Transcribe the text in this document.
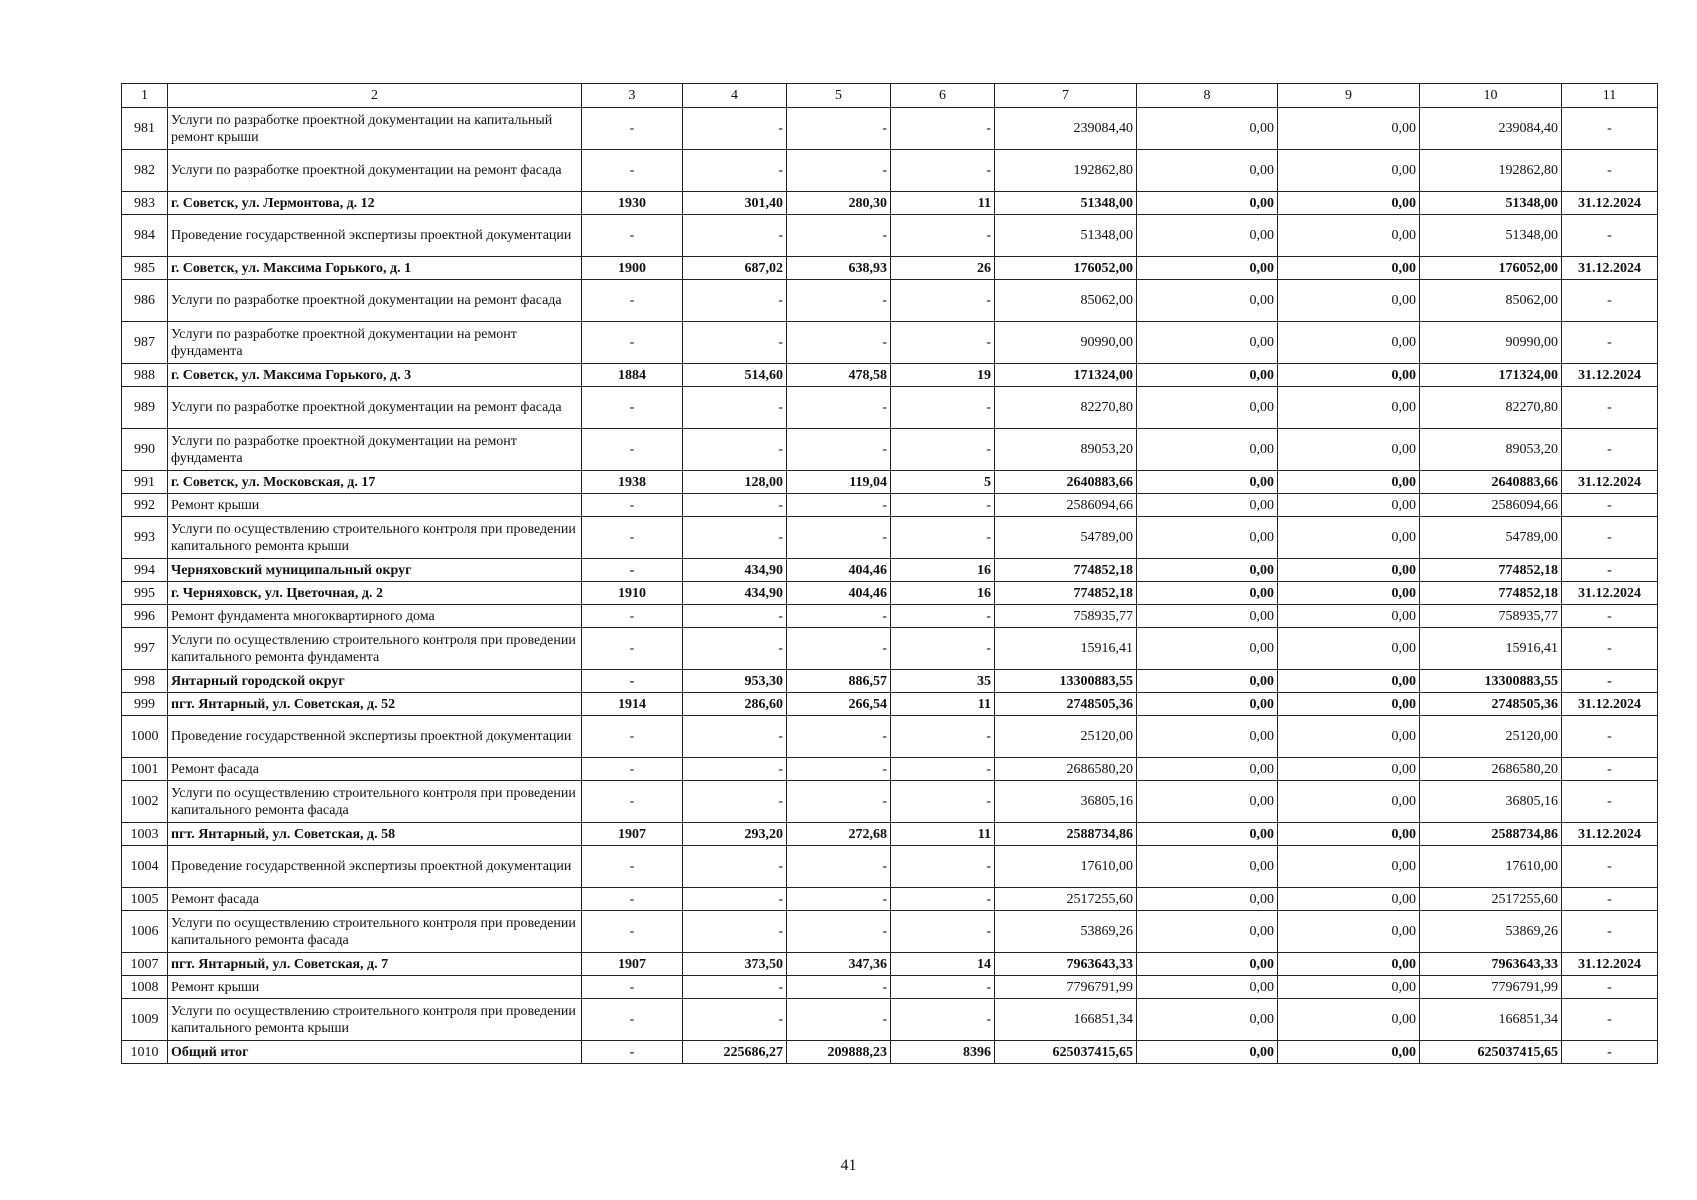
1	2	3	4	5	6	7	8	9	10	11
981	Услуги по разработке проектной документации на капитальный ремонт крыши	-	-	-	-	239084,40	0,00	0,00	239084,40	-
982	Услуги по разработке проектной документации на ремонт фасада	-	-	-	-	192862,80	0,00	0,00	192862,80	-
983	г. Советск, ул. Лермонтова, д. 12	1930	301,40	280,30	11	51348,00	0,00	0,00	51348,00	31.12.2024
984	Проведение государственной экспертизы проектной документации	-	-	-	-	51348,00	0,00	0,00	51348,00	-
985	г. Советск, ул. Максима Горького, д. 1	1900	687,02	638,93	26	176052,00	0,00	0,00	176052,00	31.12.2024
986	Услуги по разработке проектной документации на ремонт фасада	-	-	-	-	85062,00	0,00	0,00	85062,00	-
987	Услуги по разработке проектной документации на ремонт фундамента	-	-	-	-	90990,00	0,00	0,00	90990,00	-
988	г. Советск, ул. Максима Горького, д. 3	1884	514,60	478,58	19	171324,00	0,00	0,00	171324,00	31.12.2024
989	Услуги по разработке проектной документации на ремонт фасада	-	-	-	-	82270,80	0,00	0,00	82270,80	-
990	Услуги по разработке проектной документации на ремонт фундамента	-	-	-	-	89053,20	0,00	0,00	89053,20	-
991	г. Советск, ул. Московская, д. 17	1938	128,00	119,04	5	2640883,66	0,00	0,00	2640883,66	31.12.2024
992	Ремонт крыши	-	-	-	-	2586094,66	0,00	0,00	2586094,66	-
993	Услуги по осуществлению строительного контроля при проведении капитального ремонта крыши	-	-	-	-	54789,00	0,00	0,00	54789,00	-
994	Черняховский муниципальный округ	-	434,90	404,46	16	774852,18	0,00	0,00	774852,18	-
995	г. Черняховск, ул. Цветочная, д. 2	1910	434,90	404,46	16	774852,18	0,00	0,00	774852,18	31.12.2024
996	Ремонт фундамента многоквартирного дома	-	-	-	-	758935,77	0,00	0,00	758935,77	-
997	Услуги по осуществлению строительного контроля при проведении капитального ремонта фундамента	-	-	-	-	15916,41	0,00	0,00	15916,41	-
998	Янтарный городской округ	-	953,30	886,57	35	13300883,55	0,00	0,00	13300883,55	-
999	пгт. Янтарный, ул. Советская, д. 52	1914	286,60	266,54	11	2748505,36	0,00	0,00	2748505,36	31.12.2024
1000	Проведение государственной экспертизы проектной документации	-	-	-	-	25120,00	0,00	0,00	25120,00	-
1001	Ремонт фасада	-	-	-	-	2686580,20	0,00	0,00	2686580,20	-
1002	Услуги по осуществлению строительного контроля при проведении капитального ремонта фасада	-	-	-	-	36805,16	0,00	0,00	36805,16	-
1003	пгт. Янтарный, ул. Советская, д. 58	1907	293,20	272,68	11	2588734,86	0,00	0,00	2588734,86	31.12.2024
1004	Проведение государственной экспертизы проектной документации	-	-	-	-	17610,00	0,00	0,00	17610,00	-
1005	Ремонт фасада	-	-	-	-	2517255,60	0,00	0,00	2517255,60	-
1006	Услуги по осуществлению строительного контроля при проведении капитального ремонта фасада	-	-	-	-	53869,26	0,00	0,00	53869,26	-
1007	пгт. Янтарный, ул. Советская, д. 7	1907	373,50	347,36	14	7963643,33	0,00	0,00	7963643,33	31.12.2024
1008	Ремонт крыши	-	-	-	-	7796791,99	0,00	0,00	7796791,99	-
1009	Услуги по осуществлению строительного контроля при проведении капитального ремонта крыши	-	-	-	-	166851,34	0,00	0,00	166851,34	-
1010	Общий итог	-	225686,27	209888,23	8396	625037415,65	0,00	0,00	625037415,65	-
41
